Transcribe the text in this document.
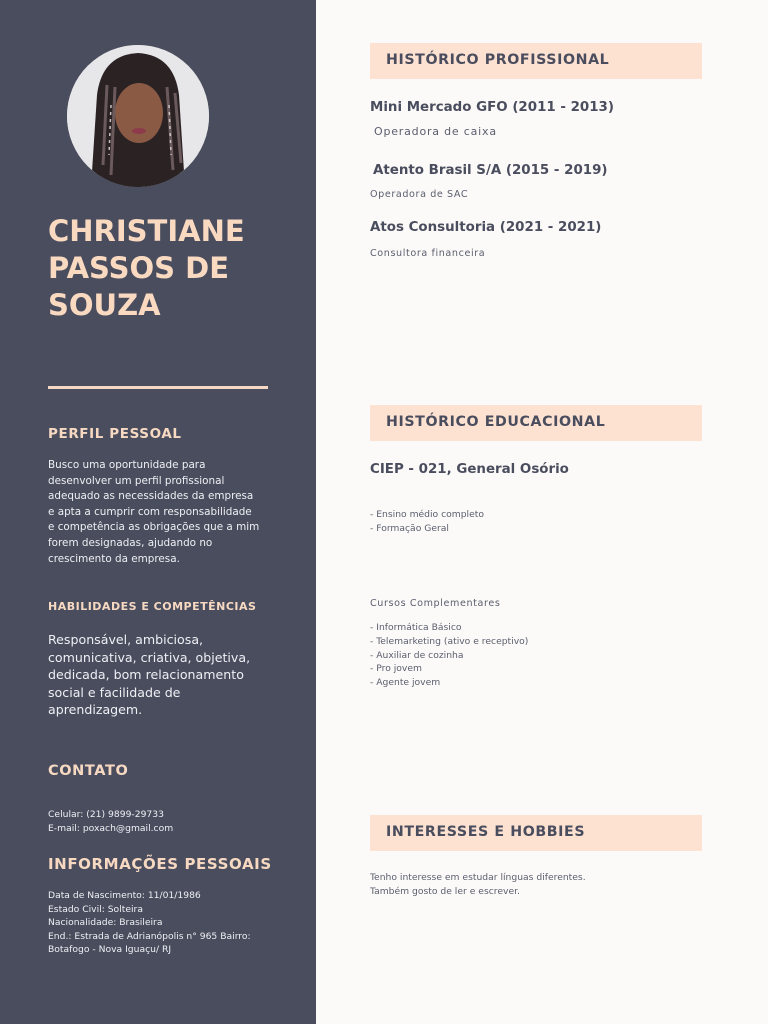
CHRISTIANE
PASSOS DE
SOUZA
PERFIL PESSOAL
Busco uma oportunidade para
desenvolver um perfil profissional
adequado as necessidades da empresa
e apta a cumprir com responsabilidade
e competência as obrigações que a mim
forem designadas, ajudando no
crescimento da empresa.
HABILIDADES E COMPETÊNCIAS
Responsável, ambiciosa,
comunicativa, criativa, objetiva,
dedicada, bom relacionamento
social e facilidade de
aprendizagem.
CONTATO
Celular: (21) 9899-29733
E-mail: poxach@gmail.com
INFORMAÇÕES PESSOAIS
Data de Nascimento: 11/01/1986
Estado Civil: Solteira
Nacionalidade: Brasileira
End.: Estrada de Adrianópolis n° 965 Bairro:
Botafogo - Nova Iguaçu/ RJ
HISTÓRICO PROFISSIONAL
Mini Mercado GFO (2011 - 2013)
Operadora de caixa
Atento Brasil S/A (2015 - 2019)
Operadora de SAC
Atos Consultoria (2021 - 2021)
Consultora financeira
HISTÓRICO EDUCACIONAL
CIEP - 021, General Osório
- Ensino médio completo
- Formação Geral
Cursos Complementares
- Informática Básico
- Telemarketing (ativo e receptivo)
- Auxiliar de cozinha
- Pro jovem
- Agente jovem
INTERESSES E HOBBIES
Tenho interesse em estudar línguas diferentes.
Também gosto de ler e escrever.
